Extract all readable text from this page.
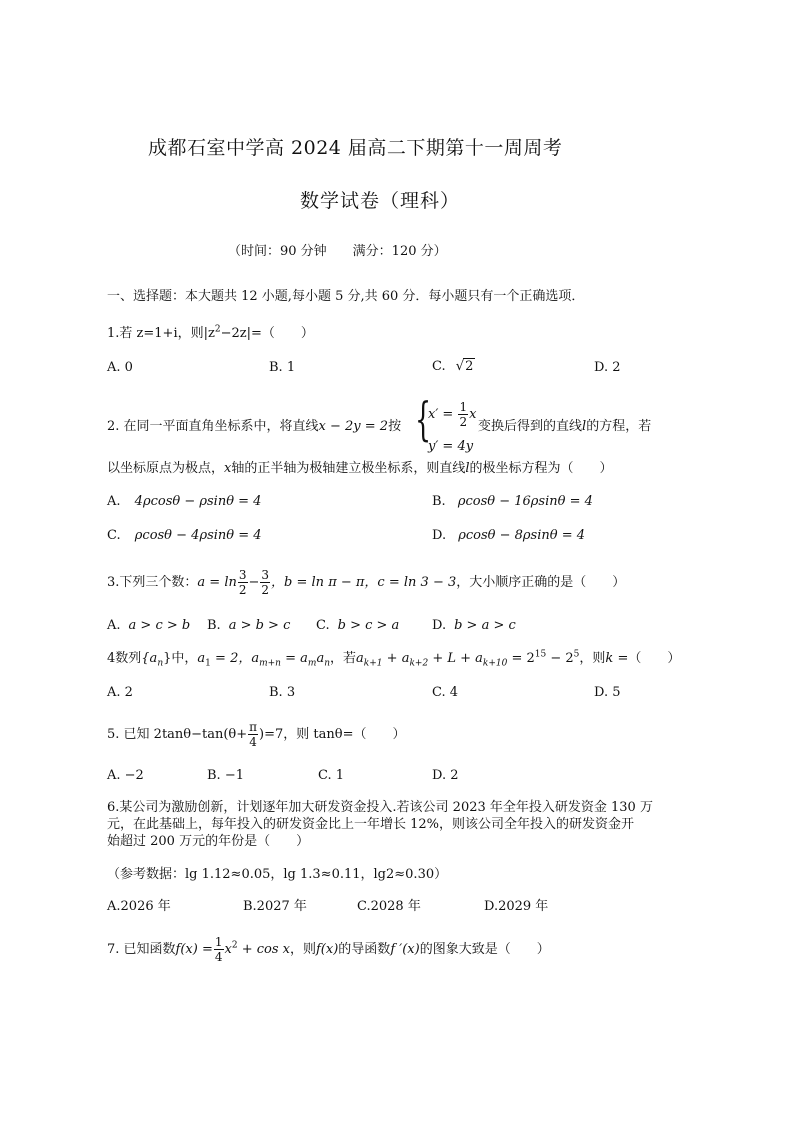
成都石室中学高 2024 届高二下期第十一周周考
数学试卷（理科）
（时间：90 分钟　　满分：120 分）
一、选择题：本大题共 12 小题,每小题 5 分,共 60 分．每小题只有一个正确选项．
1.若 z=1+i，则$|z^2-2z|=$（　　）
A. 0	B. 1	C. √2	D. 2
2. 在同一平面直角坐标系中，将直线x − 2y = 2按 {
$x' = \frac{1}{2}$ x
y′ = 4y
变换后得到的直线l的方程，若
以坐标原点为极点，x轴的正半轴为极轴建立极坐标系，则直线l的极坐标方程为（　　）
A. 4ρcosθ − ρsinθ = 4	B. ρcosθ − 16ρsinθ = 4
C. ρcosθ − 4ρsinθ = 4	D. ρcosθ − 8ρsinθ = 4
3.下列三个数：$a = \ln \frac{3}{2} - \frac{3}{2}$ ，b = ln π − π，c = ln 3 − 3，大小顺序正确的是（　　）
A. a > c > b B. a > b > c C. b > c > a	D. b > a > c
4数列$\{a_n\}$中，$a_1 = 2$，$a_{m+n} = a_ma_n$，若$a_{k+1} + a_{k+2} + L + a_{k+10} = 2^{15} - 2^5$，则k =（　　）
A. 2	B. 3	C. 4	D. 5
5. 已知 $2\tan\theta-\tan(\theta+ \frac{\pi}{4} )=7$，则 tanθ=（　　）
A. −2	B. −1	C. 1	D. 2
6.某公司为激励创新，计划逐年加大研发资金投入.若该公司 2023 年全年投入研发资金 130 万
元，在此基础上，每年投入的研发资金比上一年增长 12%，则该公司全年投入的研发资金开
始超过 200 万元的年份是（　　）
（参考数据：lg 1.12≈0.05，lg 1.3≈0.11，lg2≈0.30）
A.2026 年	B.2027 年	C.2028 年	D.2029 年
7. 已知函数$f(x) = \frac{1}{4} x^2 + \cos x$，则f(x)的导函数f ′(x)的图象大致是（　　）
